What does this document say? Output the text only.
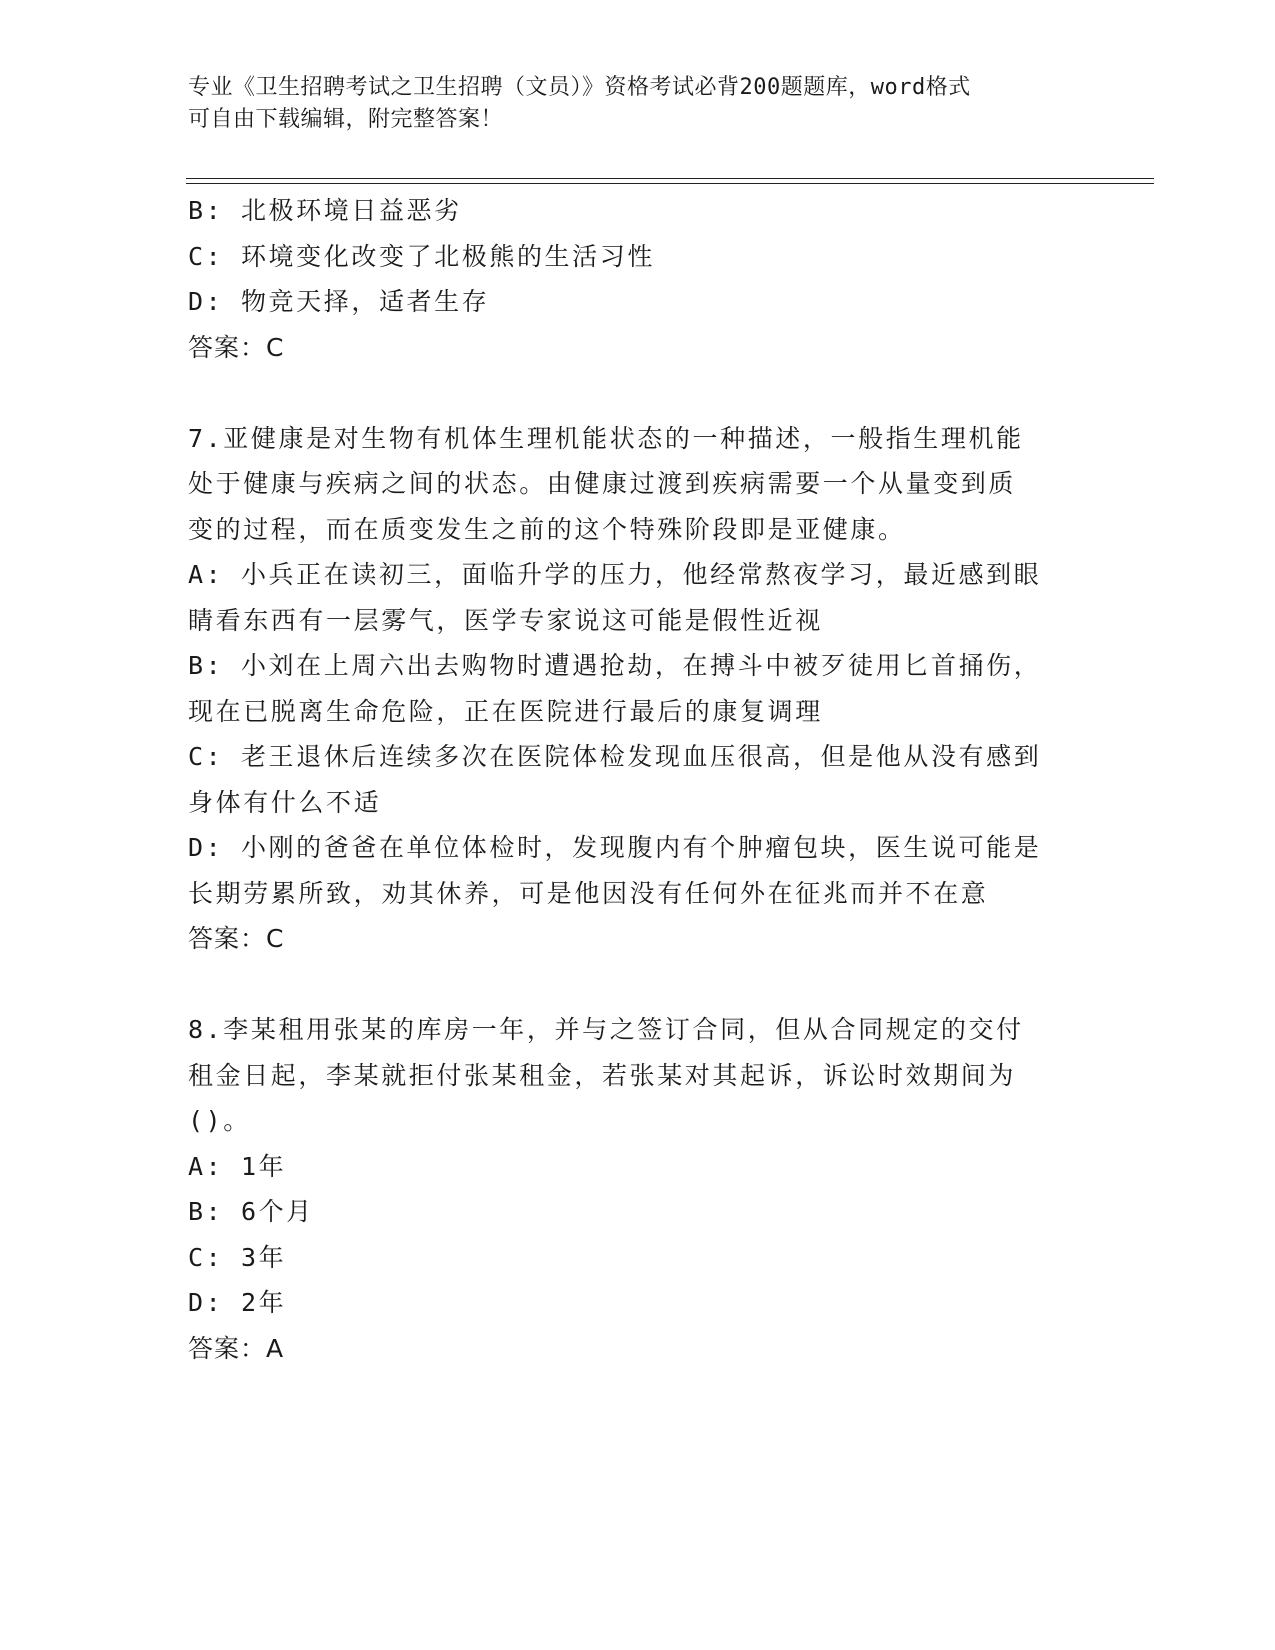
专业《卫生招聘考试之卫生招聘（文员）》资格考试必背200题题库，word格式
可自由下载编辑，附完整答案！
B: 北极环境日益恶劣
C: 环境变化改变了北极熊的生活习性
D: 物竞天择，适者生存
答案：C
7.亚健康是对生物有机体生理机能状态的一种描述，一般指生理机能
处于健康与疾病之间的状态。由健康过渡到疾病需要一个从量变到质
变的过程，而在质变发生之前的这个特殊阶段即是亚健康。
A: 小兵正在读初三，面临升学的压力，他经常熬夜学习，最近感到眼
睛看东西有一层雾气，医学专家说这可能是假性近视
B: 小刘在上周六出去购物时遭遇抢劫，在搏斗中被歹徒用匕首捅伤，
现在已脱离生命危险，正在医院进行最后的康复调理
C: 老王退休后连续多次在医院体检发现血压很高，但是他从没有感到
身体有什么不适
D: 小刚的爸爸在单位体检时，发现腹内有个肿瘤包块，医生说可能是
长期劳累所致，劝其休养，可是他因没有任何外在征兆而并不在意
答案：C
8.李某租用张某的库房一年，并与之签订合同，但从合同规定的交付
租金日起，李某就拒付张某租金，若张某对其起诉，诉讼时效期间为
()。
A: 1年
B: 6个月
C: 3年
D: 2年
答案：A
